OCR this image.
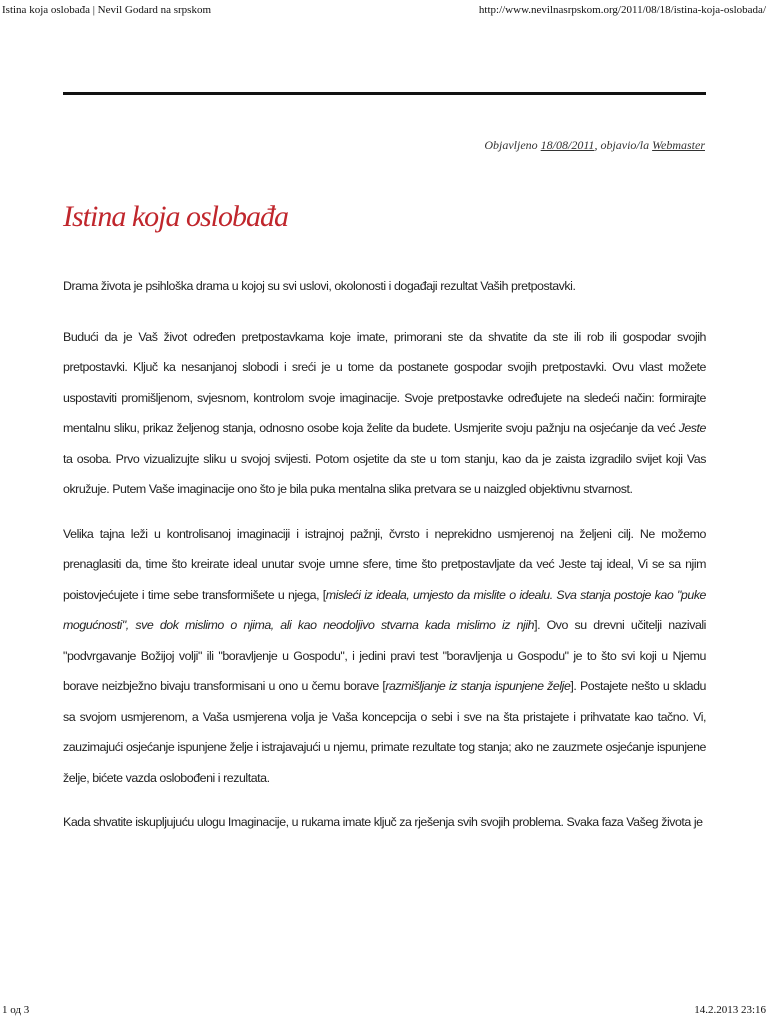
Istina koja oslobađa | Nevil Godard na srpskom	http://www.nevilnasrpskom.org/2011/08/18/istina-koja-oslobada/
Objavljeno 18/08/2011, objavio/la Webmaster
Istina koja oslobađa

Drama života je psihloška drama u kojoj su svi uslovi, okolonosti i događaji rezultat Vaših pretpostavki.

Budući da je Vaš život određen pretpostavkama koje imate, primorani ste da shvatite da ste ili rob ili gospodar svojih pretpostavki. Ključ ka nesanjanoj slobodi i sreći je u tome da postanete gospodar svojih pretpostavki. Ovu vlast možete uspostaviti promišljenom, svjesnom, kontrolom svoje imaginacije. Svoje pretpostavke određujete na sledeći način: formirajte mentalnu sliku, prikaz željenog stanja, odnosno osobe koja želite da budete. Usmjerite svoju pažnju na osjećanje da već Jeste ta osoba. Prvo vizualizujte sliku u svojoj svijesti. Potom osjetite da ste u tom stanju, kao da je zaista izgradilo svijet koji Vas okružuje. Putem Vaše imaginacije ono što je bila puka mentalna slika pretvara se u naizgled objektivnu stvarnost.

Velika tajna leži u kontrolisanoj imaginaciji i istrajnoj pažnji, čvrsto i neprekidno usmjerenoj na željeni cilj. Ne možemo prenaglasiti da, time što kreirate ideal unutar svoje umne sfere, time što pretpostavljate da već Jeste taj ideal, Vi se sa njim poistovjećujete i time sebe transformišete u njega, [misleći iz ideala, umjesto da mislite o idealu. Sva stanja postoje kao "puke mogućnosti", sve dok mislimo o njima, ali kao neodoljivo stvarna kada mislimo iz njih]. Ovo su drevni učitelji nazivali "podvrgavanje Božijoj volji" ili "boravljenje u Gospodu", i jedini pravi test "boravljenja u Gospodu" je to što svi koji u Njemu borave neizbježno bivaju transformisani u ono u čemu borave [razmišljanje iz stanja ispunjene želje]. Postajete nešto u skladu sa svojom usmjerenom, a Vaša usmjerena volja je Vaša koncepcija o sebi i sve na šta pristajete i prihvatate kao tačno. Vi, zauzimajući osjećanje ispunjene želje i istrajavajući u njemu, primate rezultate tog stanja; ako ne zauzmete osjećanje ispunjene želje, bićete vazda oslobođeni i rezultata.

Kada shvatite iskupljujuću ulogu Imaginacije, u rukama imate ključ za rješenja svih svojih problema. Svaka faza Vašeg života je

1 од 3	14.2.2013 23:16
